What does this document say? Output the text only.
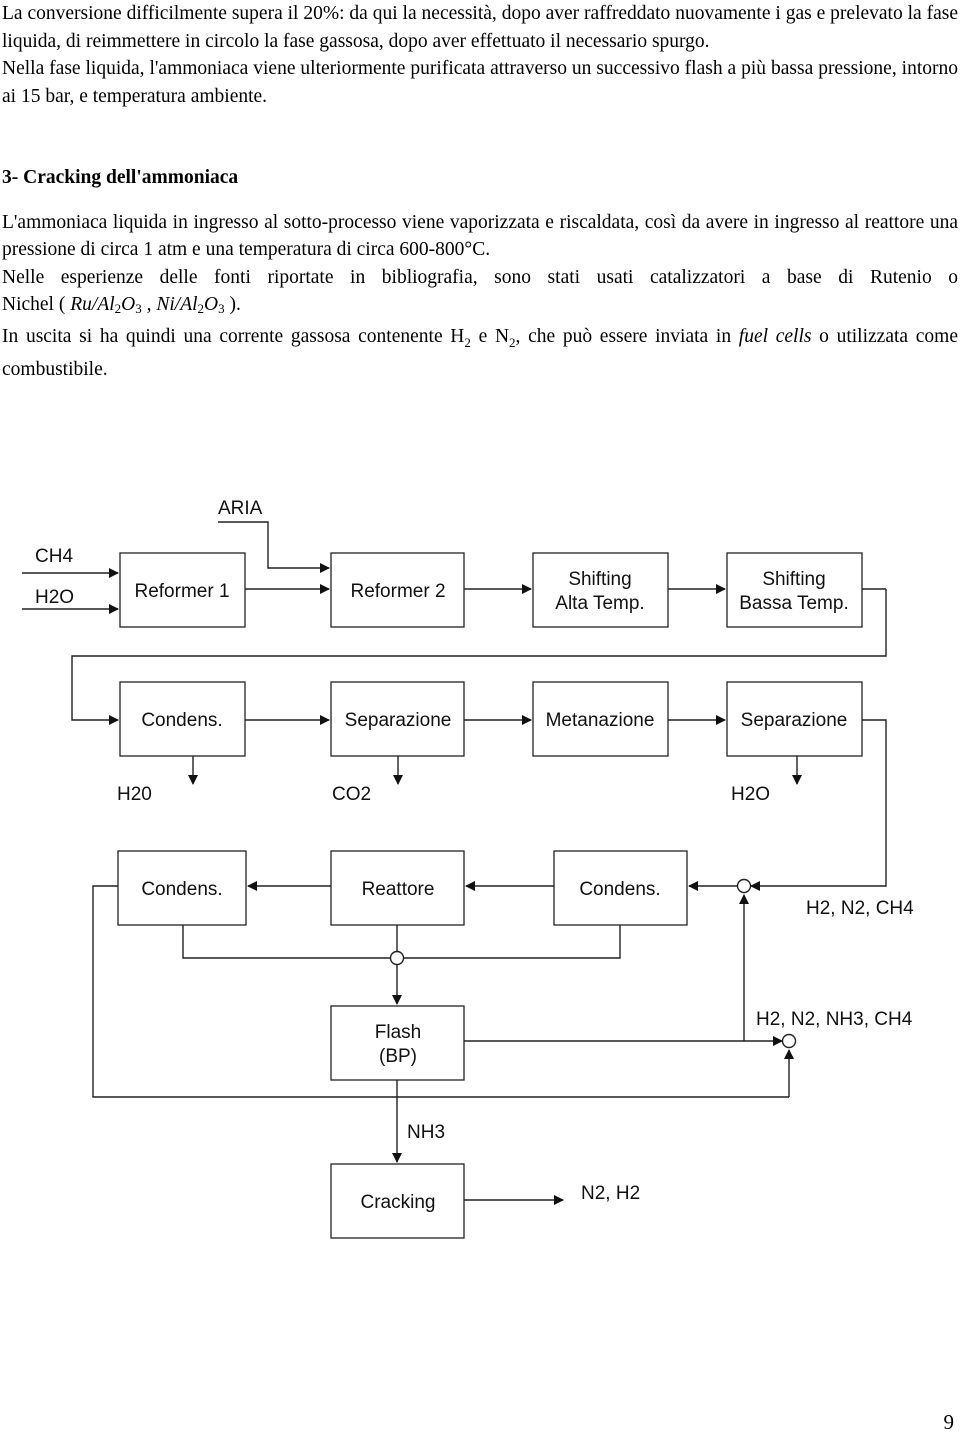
La conversione difficilmente supera il 20%: da qui la necessità, dopo aver raffreddato nuovamente i gas e prelevato la fase liquida, di reimmettere in circolo la fase gassosa, dopo aver effettuato il necessario spurgo.

Nella fase liquida, l'ammoniaca viene ulteriormente purificata attraverso un successivo flash a più bassa pressione, intorno ai 15 bar, e temperatura ambiente.

3- Cracking dell'ammoniaca

L'ammoniaca liquida in ingresso al sotto-processo viene vaporizzata e riscaldata, così da avere in ingresso al reattore una pressione di circa 1 atm e una temperatura di circa 600-800°C.

Nelle esperienze delle fonti riportate in bibliografia, sono stati usati catalizzatori a base di Rutenio o
Nichel ( $Ru/Al_2O_3$ , $Ni/Al_2O_3$ ).

In uscita si ha quindi una corrente gassosa contenente $H_2$ e $N_2$, che può essere inviata in fuel cells o utilizzata come combustibile.

Reformer 1	Reformer 2
Shifting
Alta Temp.
Shifting
Bassa Temp.
Condens.	Separazione	Metanazione	Separazione
Condens.	Reattore	Condens.
Flash
(BP)
Cracking
ARIA
CH4
H2O
H20	CO2	H2O
H2, N2, CH4
H2, N2, NH3, CH4
NH3
N2, H2
9
